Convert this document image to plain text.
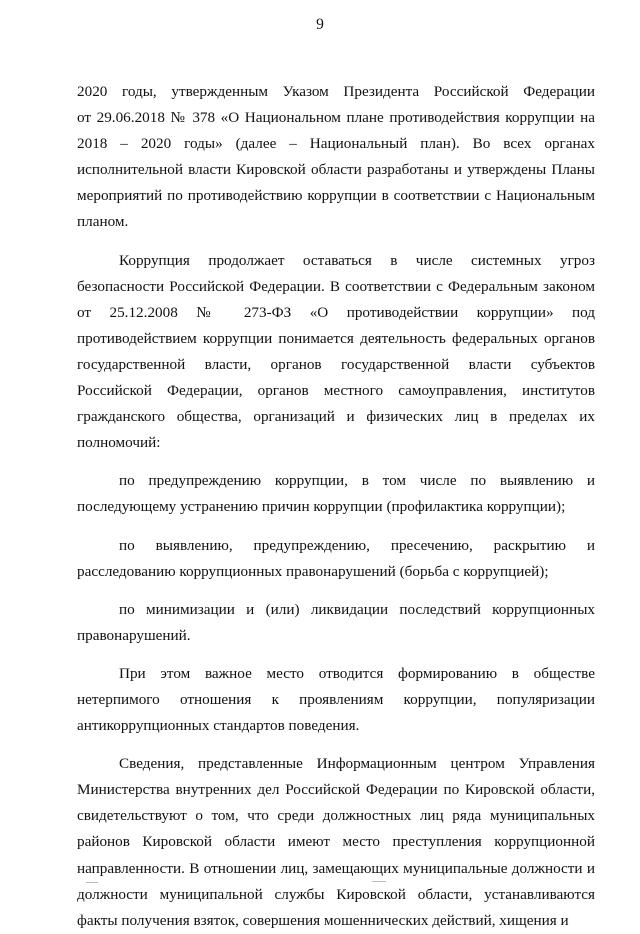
9
2020 годы, утвержденным Указом Президента Российской Федерации
от 29.06.2018 № 378 «О Национальном плане противодействия коррупции на
2018 – 2020 годы» (далее – Национальный план). Во всех органах
исполнительной власти Кировской области разработаны и утверждены Планы
мероприятий по противодействию коррупции в соответствии с Национальным
планом.
Коррупция продолжает оставаться в числе системных угроз
безопасности Российской Федерации. В соответствии с Федеральным законом
от 25.12.2008 № 273-ФЗ «О противодействии коррупции» под
противодействием коррупции понимается деятельность федеральных органов
государственной власти, органов государственной власти субъектов
Российской Федерации, органов местного самоуправления, институтов
гражданского общества, организаций и физических лиц в пределах их
полномочий:
по предупреждению коррупции, в том числе по выявлению и
последующему устранению причин коррупции (профилактика коррупции);
по выявлению, предупреждению, пресечению, раскрытию и
расследованию коррупционных правонарушений (борьба с коррупцией);
по минимизации и (или) ликвидации последствий коррупционных
правонарушений.
При этом важное место отводится формированию в обществе
нетерпимого отношения к проявлениям коррупции, популяризации
антикоррупционных стандартов поведения.
Сведения, представленные Информационным центром Управления
Министерства внутренних дел Российской Федерации по Кировской области,
свидетельствуют о том, что среди должностных лиц ряда муниципальных
районов Кировской области имеют место преступления коррупционной
направленности. В отношении лиц, замещающих муниципальные должности и
должности муниципальной службы Кировской области, устанавливаются
факты получения взяток, совершения мошеннических действий, хищения и
